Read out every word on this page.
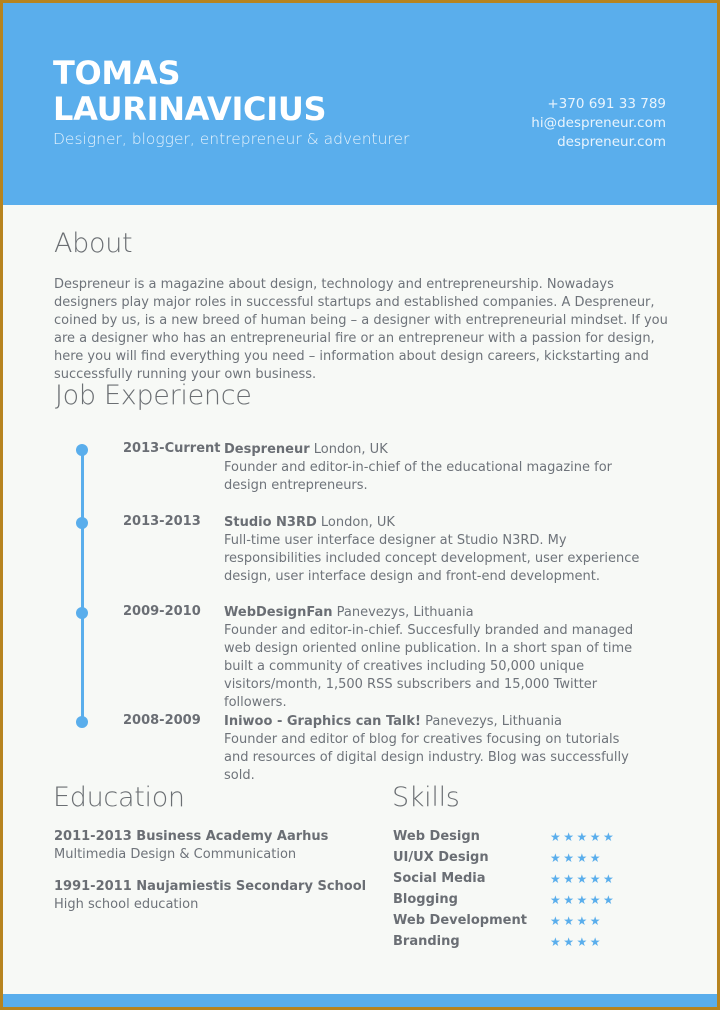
TOMAS
LAURINAVICIUS
Designer, blogger, entrepreneur & adventurer
+370 691 33 789
hi@despreneur.com
despreneur.com
About

Despreneur is a magazine about design, technology and entrepreneurship. Nowadays designers play major roles in successful startups and established companies. A Despreneur, coined by us, is a new breed of human being – a designer with entrepreneurial mindset. If you are a designer who has an entrepreneurial fire or an entrepreneur with a passion for design, here you will find everything you need – information about design careers, kickstarting and successfully running your own business.

Job Experience
2013-Current Despreneur London, UK
Founder and editor-in-chief of the educational magazine for design entrepreneurs.
2013-2013 Studio N3RD London, UK
Full-time user interface designer at Studio N3RD. My responsibilities included concept development, user experience design, user interface design and front-end development.
2009-2010 WebDesignFan Panevezys, Lithuania
Founder and editor-in-chief. Succesfully branded and managed web design oriented online publication. In a short span of time built a community of creatives including 50,000 unique visitors/month, 1,500 RSS subscribers and 15,000 Twitter followers.
2008-2009 Iniwoo - Graphics can Talk! Panevezys, Lithuania
Founder and editor of blog for creatives focusing on tutorials and resources of digital design industry. Blog was successfully sold.
Education
2011-2013 Business Academy Aarhus
Multimedia Design & Communication
1991-2011 Naujamiestis Secondary School
High school education
Skills
Web Design	★★★★★
UI/UX Design	★★★★
Social Media	★★★★★
Blogging	★★★★★
Web Development ★★★★
Branding	★★★★
